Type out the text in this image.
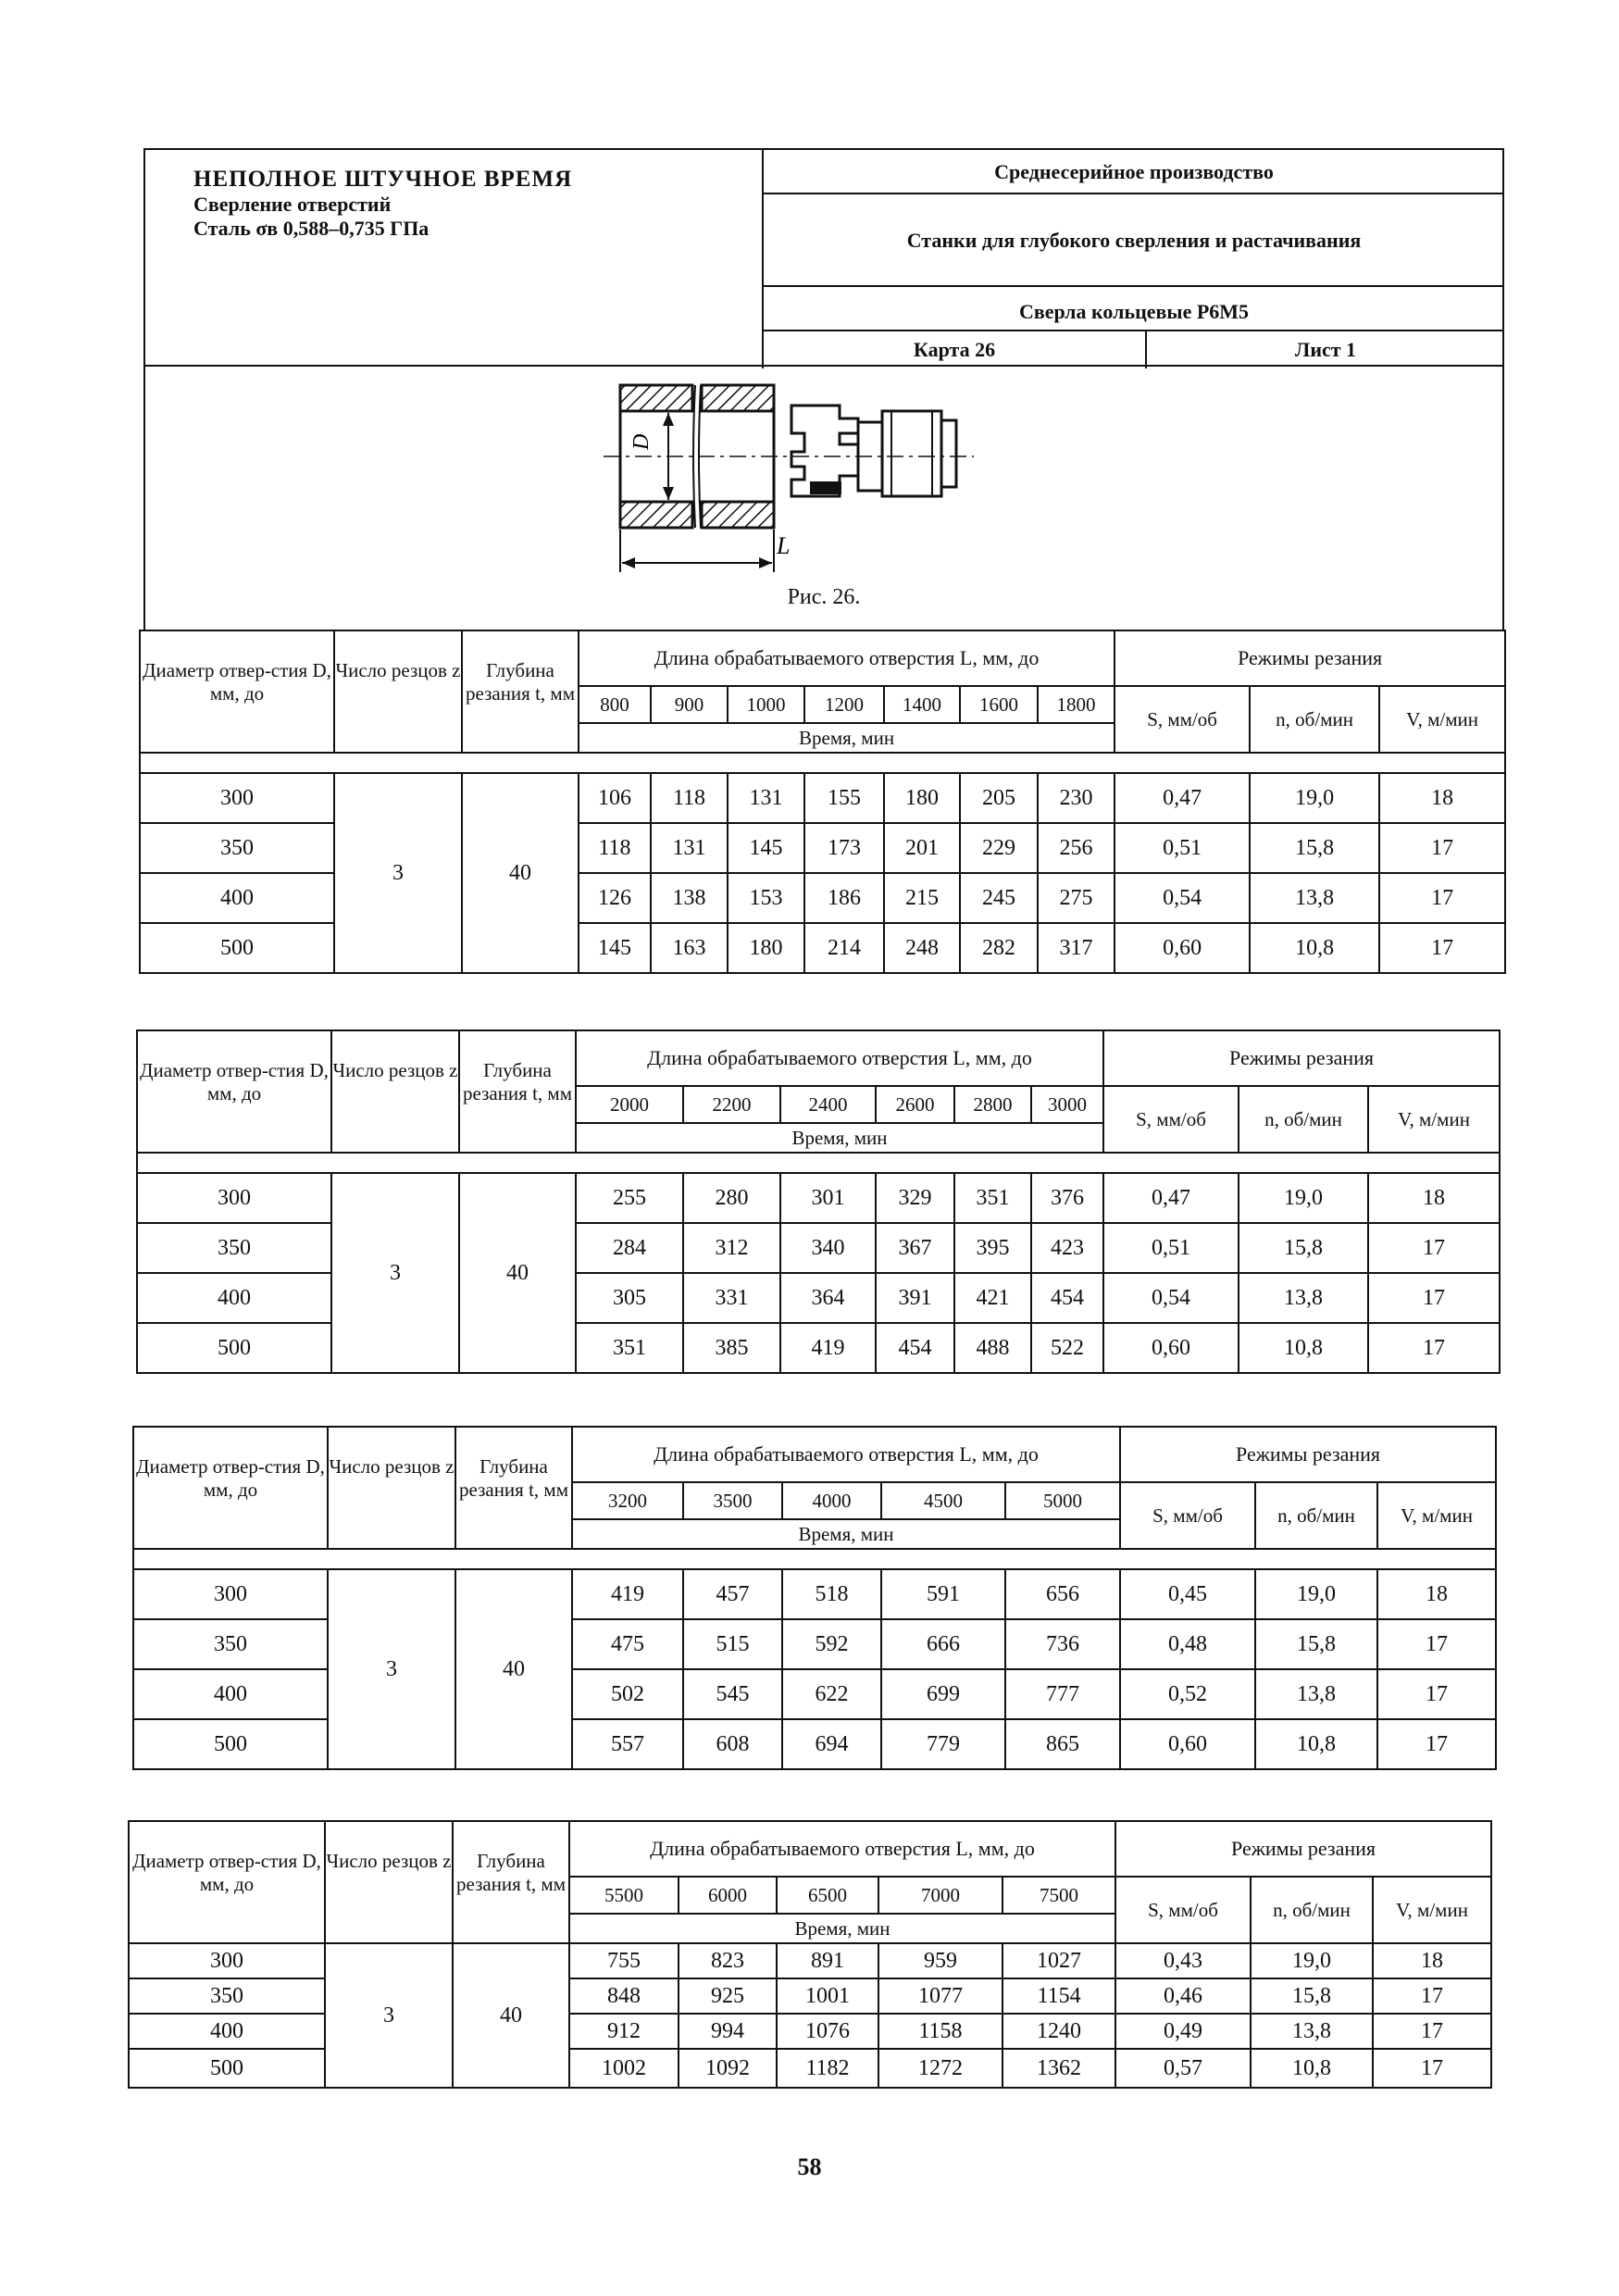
НЕПОЛНОЕ ШТУЧНОЕ ВРЕМЯ
Сверление отверстий
Сталь σв 0,588–0,735 ГПа
Среднесерийное производство
Станки для глубокого сверления и растачивания
Сверла кольцевые Р6М5
Карта 26	Лист 1
D
L
Рис. 26.
Диаметр отвер-стия D, мм, до	Число резцов z	Глубина резания t, мм	Длина обрабатываемого отверстия L, мм, до							Режимы резания		
			800	900	1000	1200	1400	1600	1800	S, мм/об	n, об/мин	V, м/мин
			Время, мин									

300	3	40	106	118	131	155	180	205	230	0,47	19,0	18
350			118	131	145	173	201	229	256	0,51	15,8	17
400			126	138	153	186	215	245	275	0,54	13,8	17
500			145	163	180	214	248	282	317	0,60	10,8	17
Диаметр отвер-стия D, мм, до	Число резцов z	Глубина резания t, мм	Длина обрабатываемого отверстия L, мм, до						Режимы резания		
			2000	2200	2400	2600	2800	3000	S, мм/об	n, об/мин	V, м/мин
			Время, мин								

300	3	40	255	280	301	329	351	376	0,47	19,0	18
350			284	312	340	367	395	423	0,51	15,8	17
400			305	331	364	391	421	454	0,54	13,8	17
500			351	385	419	454	488	522	0,60	10,8	17
Диаметр отвер-стия D, мм, до	Число резцов z	Глубина резания t, мм	Длина обрабатываемого отверстия L, мм, до					Режимы резания		
			3200	3500	4000	4500	5000	S, мм/об	n, об/мин	V, м/мин
			Время, мин							

300	3	40	419	457	518	591	656	0,45	19,0	18
350			475	515	592	666	736	0,48	15,8	17
400			502	545	622	699	777	0,52	13,8	17
500			557	608	694	779	865	0,60	10,8	17
Диаметр отвер-стия D, мм, до	Число резцов z	Глубина резания t, мм	Длина обрабатываемого отверстия L, мм, до					Режимы резания		
			5500	6000	6500	7000	7500	S, мм/об	n, об/мин	V, м/мин
			Время, мин							
300	3	40	755	823	891	959	1027	0,43	19,0	18
350			848	925	1001	1077	1154	0,46	15,8	17
400			912	994	1076	1158	1240	0,49	13,8	17
500			1002	1092	1182	1272	1362	0,57	10,8	17
58
